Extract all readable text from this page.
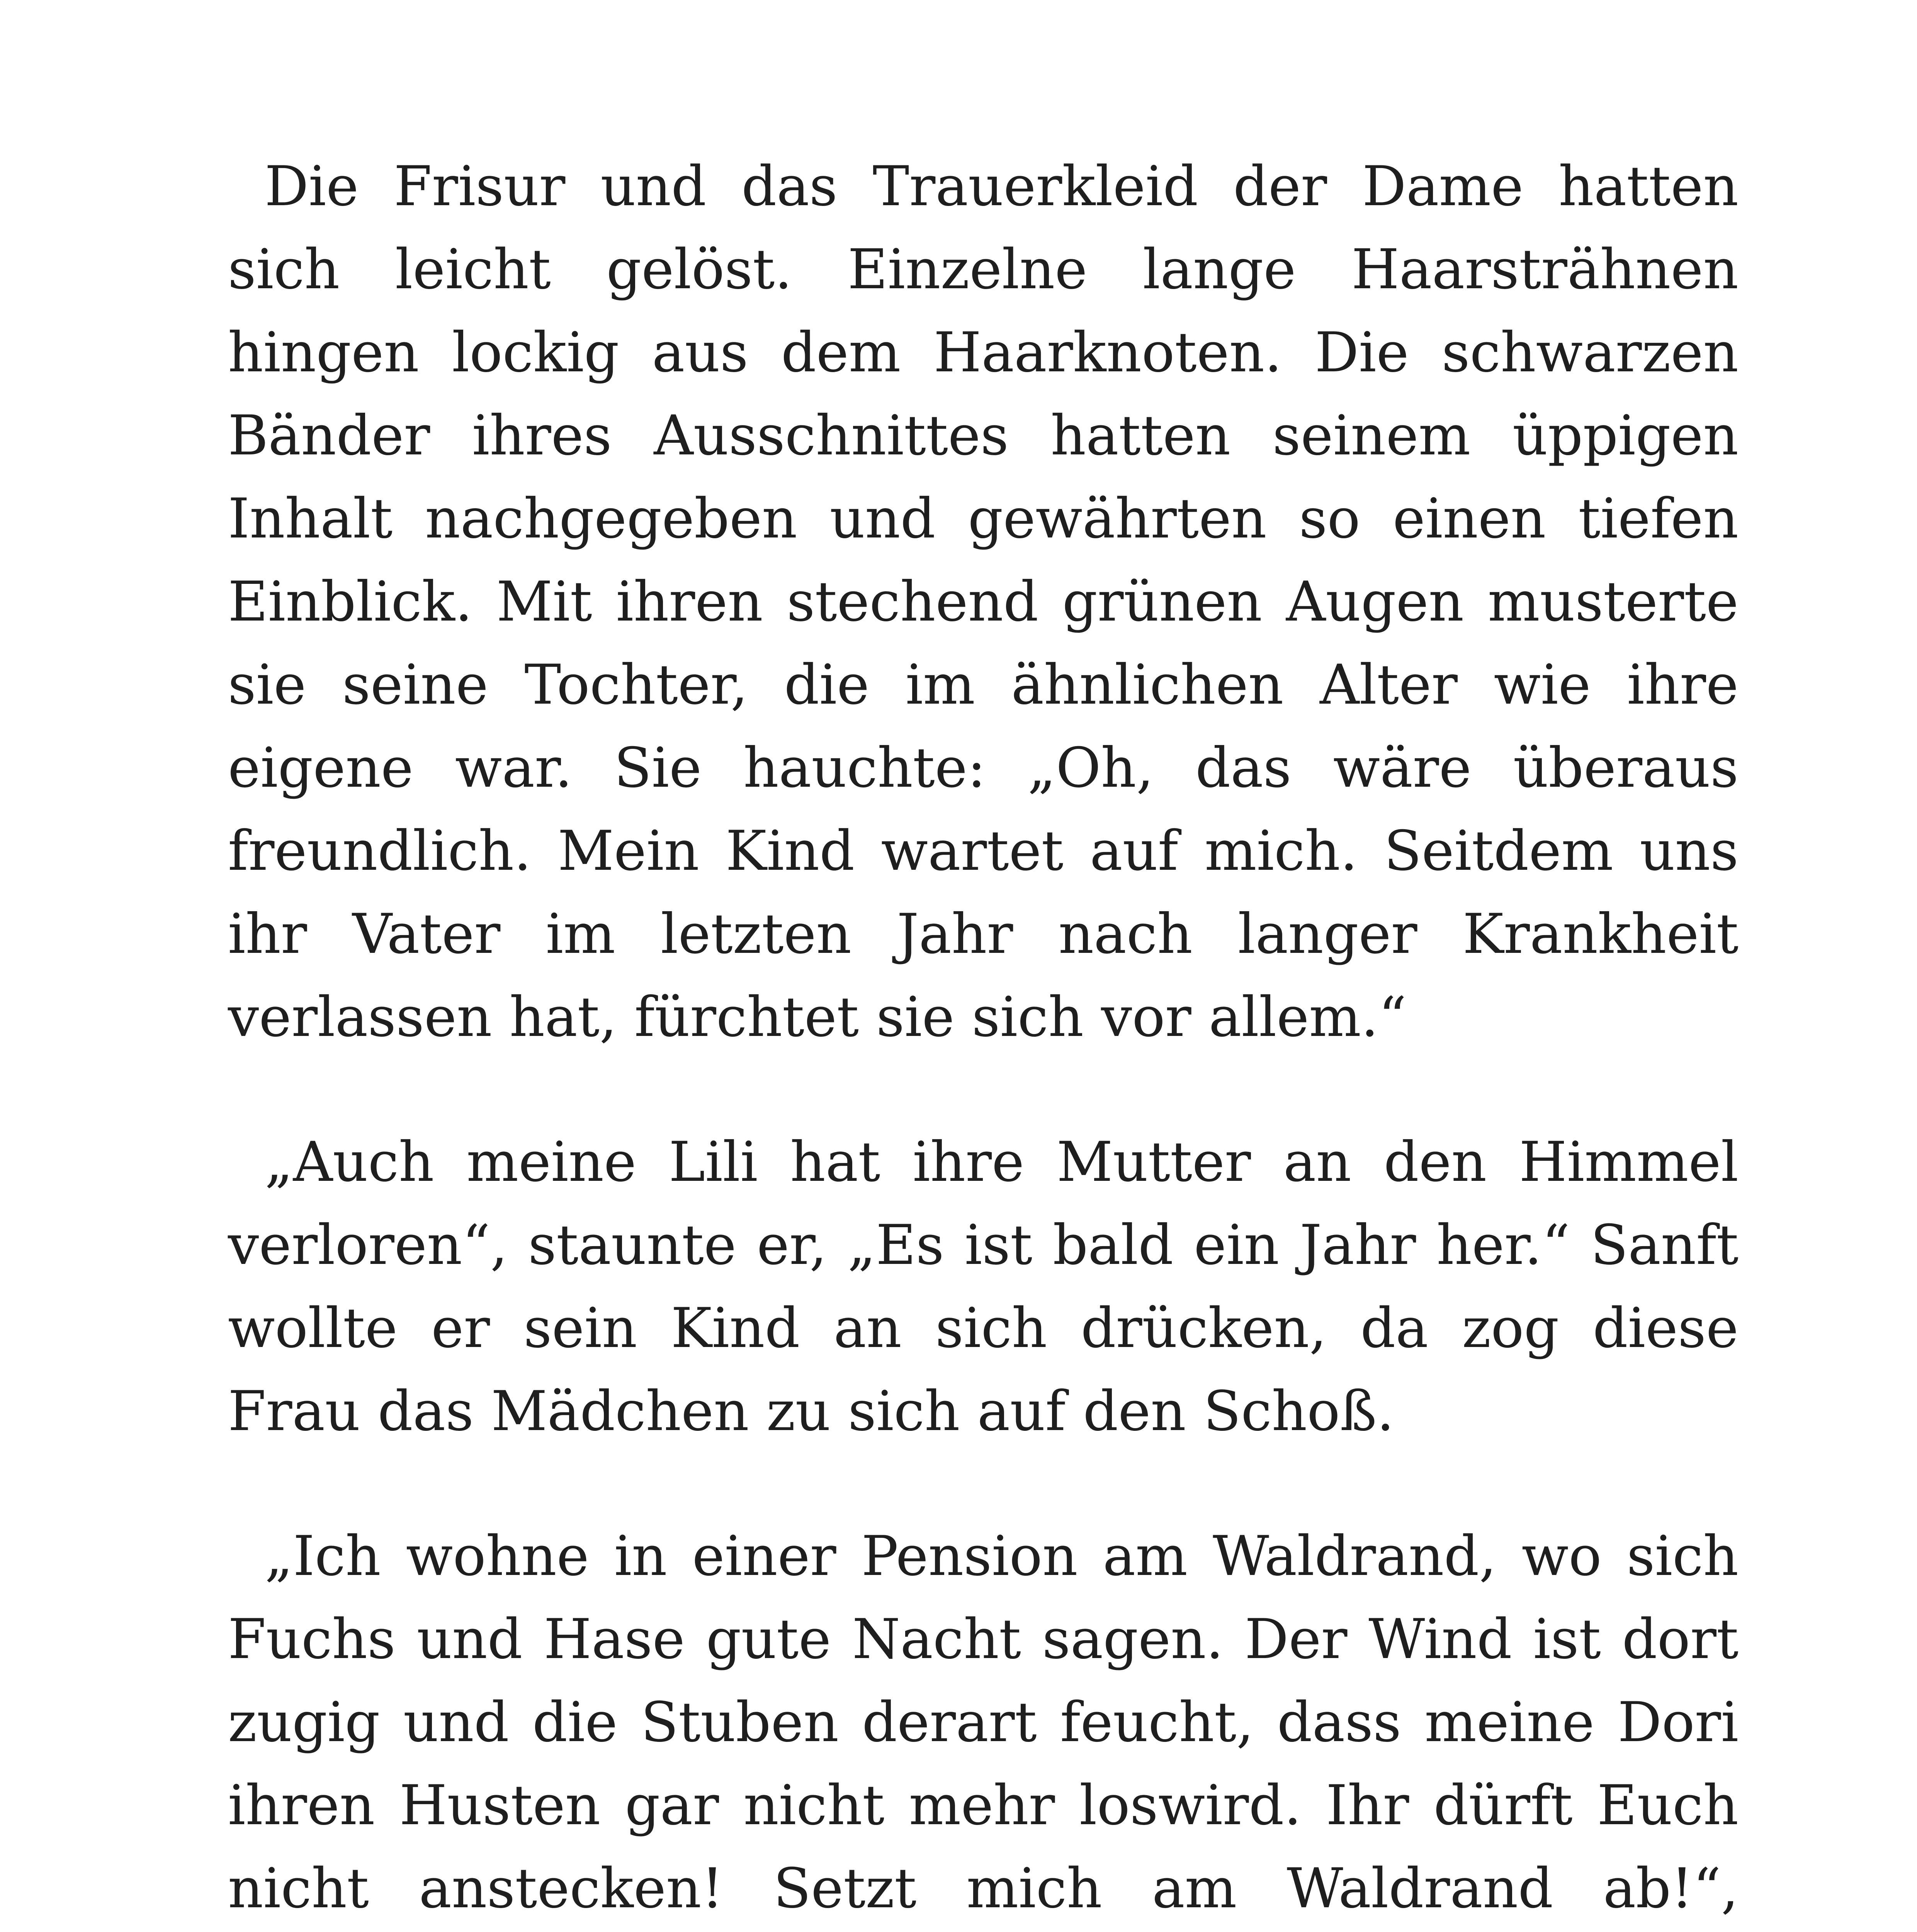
Die Frisur und das Trauerkleid der Dame hatten sich leicht gelöst. Einzelne lange Haarsträhnen hingen lockig aus dem Haarknoten. Die schwarzen Bänder ihres Ausschnittes hatten seinem üppigen Inhalt nachgegeben und gewährten so einen tiefen Einblick. Mit ihren stechend grünen Augen musterte sie seine Tochter, die im ähnlichen Alter wie ihre eigene war. Sie hauchte: „Oh, das wäre überaus freundlich. Mein Kind wartet auf mich. Seitdem uns ihr Vater im letzten Jahr nach langer Krankheit verlassen hat, fürchtet sie sich vor allem.“

„Auch meine Lili hat ihre Mutter an den Himmel verloren“, staunte er, „Es ist bald ein Jahr her.“ Sanft wollte er sein Kind an sich drücken, da zog diese Frau das Mädchen zu sich auf den Schoß.

„Ich wohne in einer Pension am Waldrand, wo sich Fuchs und Hase gute Nacht sagen. Der Wind ist dort zugig und die Stuben derart feucht, dass meine Dori ihren Husten gar nicht mehr loswird. Ihr dürft Euch nicht anstecken! Setzt mich am Waldrand ab!“,
